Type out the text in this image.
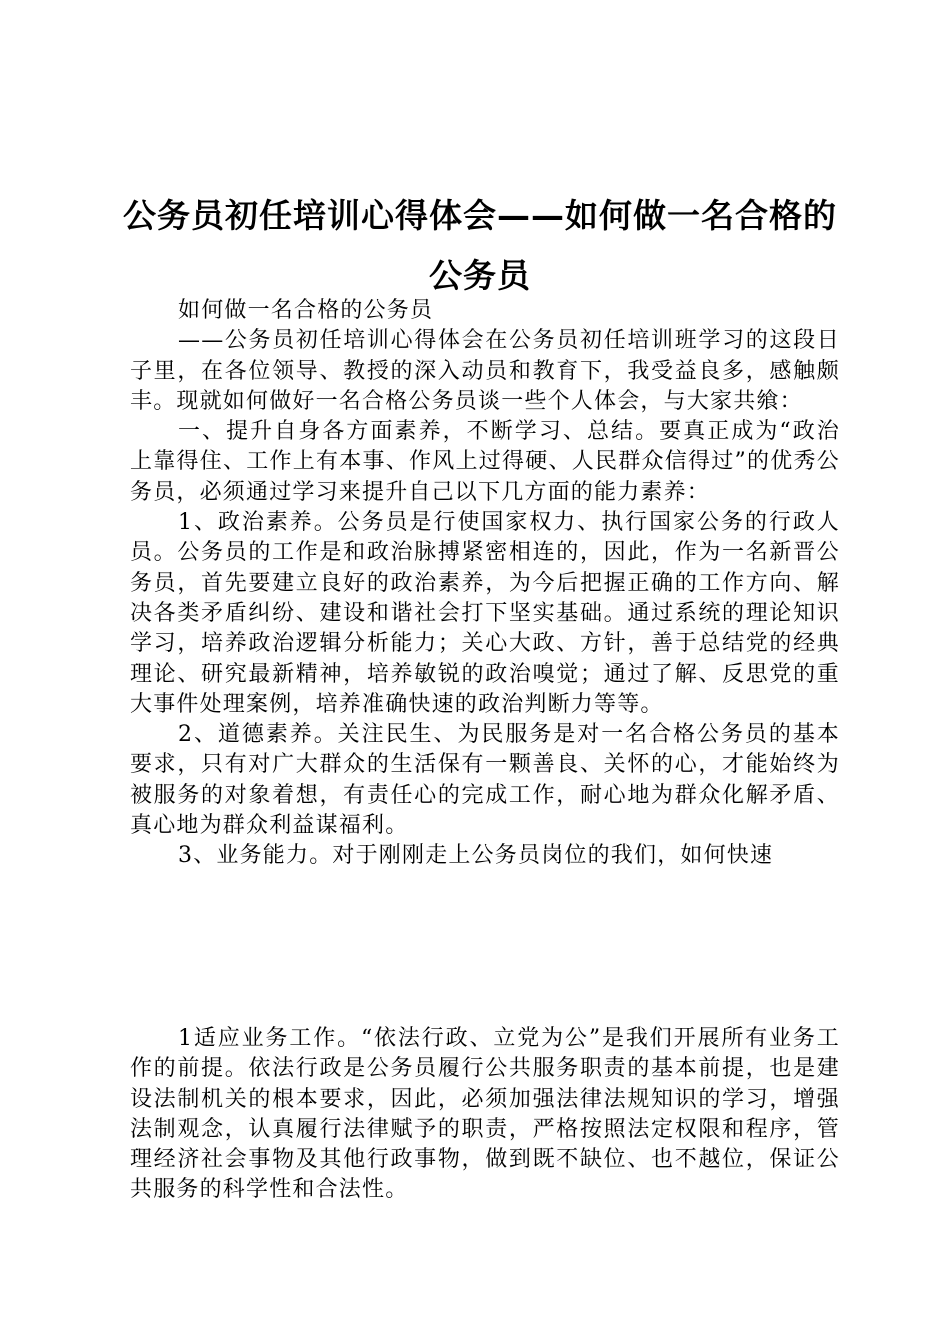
公务员初任培训心得体会——如何做一名合格的公务员

如何做一名合格的公务员

——公务员初任培训心得体会在公务员初任培训班学习的这段日子里，在各位领导、教授的深入动员和教育下，我受益良多，感触颇丰。现就如何做好一名合格公务员谈一些个人体会，与大家共飨：

一、提升自身各方面素养，不断学习、总结。要真正成为“政治上靠得住、工作上有本事、作风上过得硬、人民群众信得过”的优秀公务员，必须通过学习来提升自己以下几方面的能力素养：

1、政治素养。公务员是行使国家权力、执行国家公务的行政人员。公务员的工作是和政治脉搏紧密相连的，因此，作为一名新晋公务员，首先要建立良好的政治素养，为今后把握正确的工作方向、解决各类矛盾纠纷、建设和谐社会打下坚实基础。通过系统的理论知识学习，培养政治逻辑分析能力；关心大政、方针，善于总结党的经典理论、研究最新精神，培养敏锐的政治嗅觉；通过了解、反思党的重大事件处理案例，培养准确快速的政治判断力等等。

2、道德素养。关注民生、为民服务是对一名合格公务员的基本要求，只有对广大群众的生活保有一颗善良、关怀的心，才能始终为被服务的对象着想，有责任心的完成工作，耐心地为群众化解矛盾、真心地为群众利益谋福利。

3、业务能力。对于刚刚走上公务员岗位的我们，如何快速

1适应业务工作。“依法行政、立党为公”是我们开展所有业务工作的前提。依法行政是公务员履行公共服务职责的基本前提，也是建设法制机关的根本要求，因此，必须加强法律法规知识的学习，增强法制观念，认真履行法律赋予的职责，严格按照法定权限和程序，管理经济社会事物及其他行政事物，做到既不缺位、也不越位，保证公共服务的科学性和合法性。
